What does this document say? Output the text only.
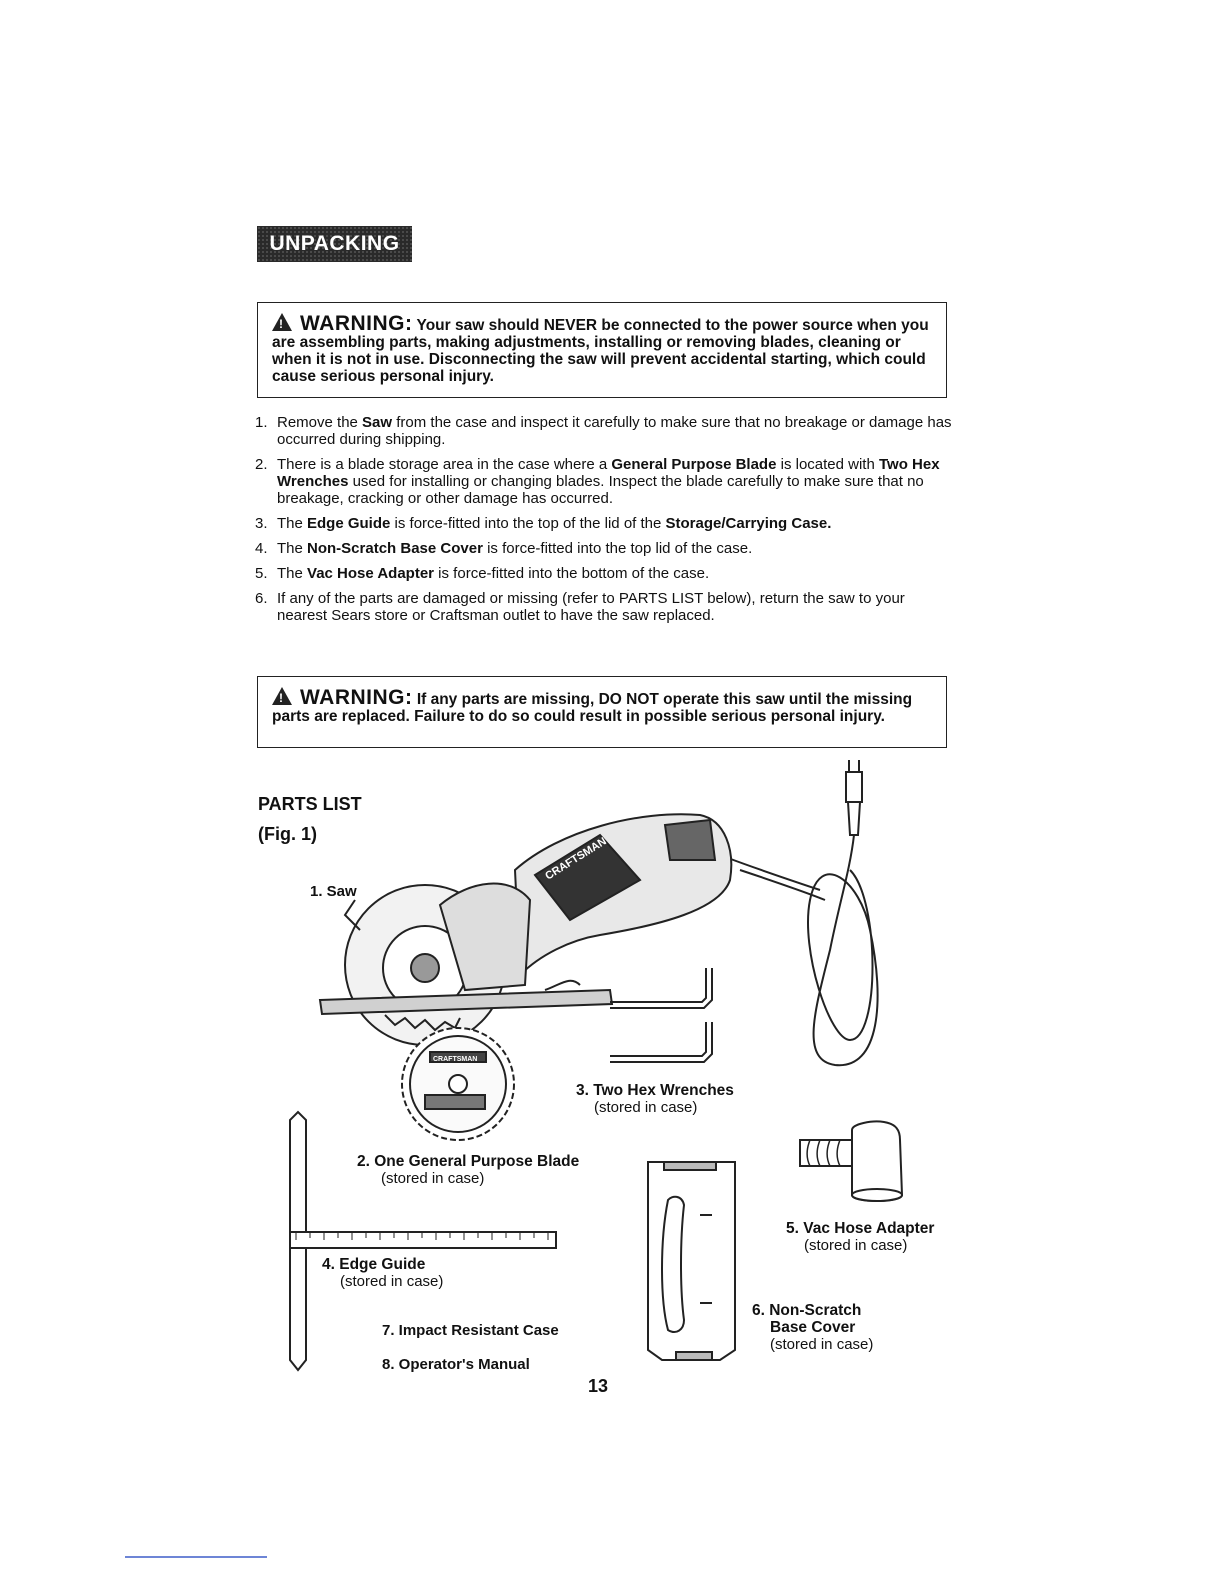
UNPACKING
!WARNING: Your saw should NEVER be connected to the power source when you are assembling parts, making adjustments, installing or removing blades, cleaning or when it is not in use. Disconnecting the saw will prevent accidental starting, which could cause serious personal injury.
1. Remove the Saw from the case and inspect it carefully to make sure that no breakage or damage has occurred during shipping.
2. There is a blade storage area in the case where a General Purpose Blade is located with Two Hex Wrenches used for installing or changing blades. Inspect the blade carefully to make sure that no breakage, cracking or other damage has occurred.
3. The Edge Guide is force-fitted into the top of the lid of the Storage/Carrying Case.
4. The Non-Scratch Base Cover is force-fitted into the top lid of the case.
5. The Vac Hose Adapter is force-fitted into the bottom of the case.
6. If any of the parts are damaged or missing (refer to PARTS LIST below), return the saw to your nearest Sears store or Craftsman outlet to have the saw replaced.
!WARNING: If any parts are missing, DO NOT operate this saw until the missing parts are replaced. Failure to do so could result in possible serious personal injury.
PARTS LIST
(Fig. 1)
CRAFTSMAN
CRAFTSMAN
1. Saw
2. One General Purpose Blade
(stored in case)
3. Two Hex Wrenches
(stored in case)
4. Edge Guide
(stored in case)
5. Vac Hose Adapter
(stored in case)
6. Non-Scratch
Base Cover
(stored in case)
7. Impact Resistant Case
8. Operator's Manual
13
